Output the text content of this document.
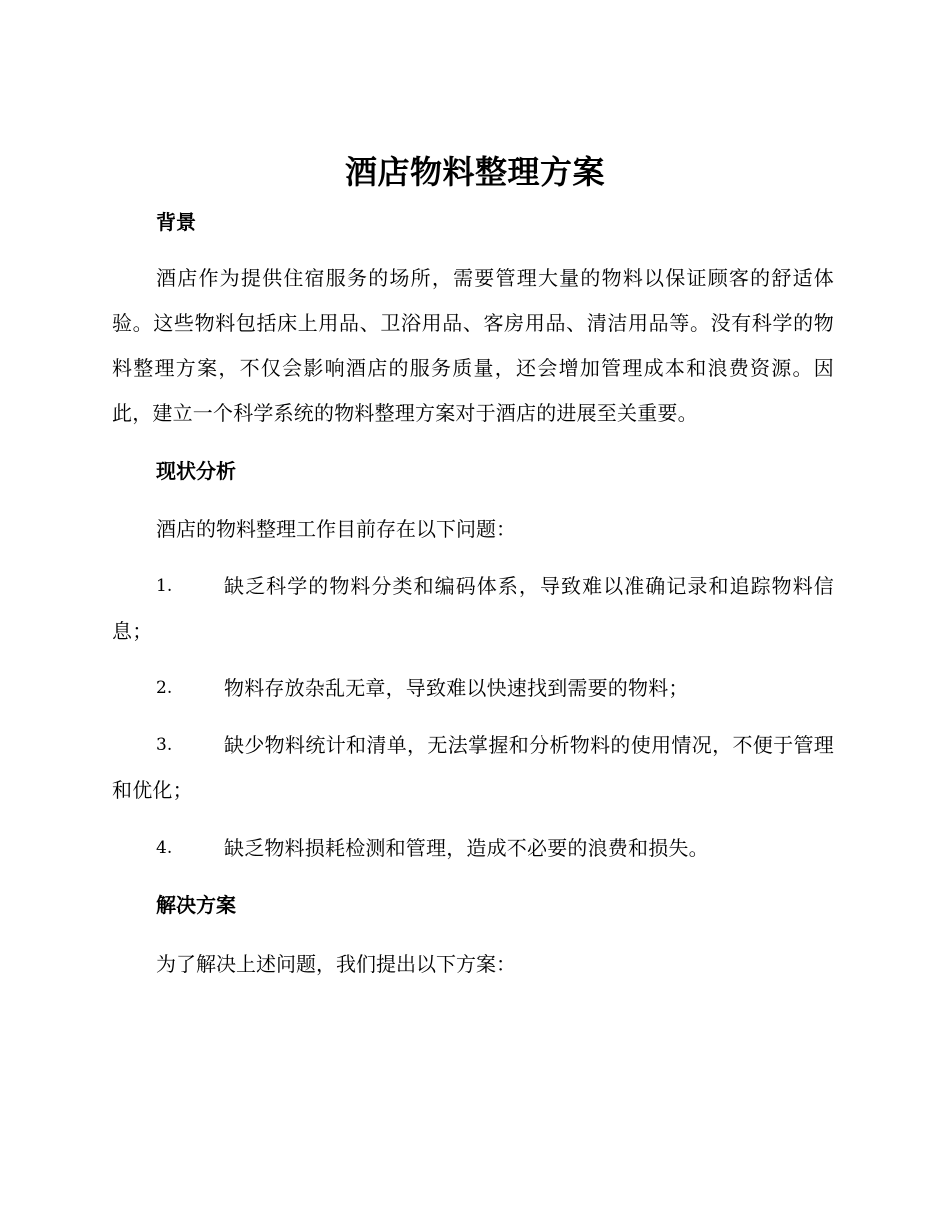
酒店物料整理方案
背景
酒店作为提供住宿服务的场所，需要管理大量的物料以保证顾客的舒适体验。这些物料包括床上用品、卫浴用品、客房用品、清洁用品等。没有科学的物料整理方案，不仅会影响酒店的服务质量，还会增加管理成本和浪费资源。因此，建立一个科学系统的物料整理方案对于酒店的进展至关重要。
现状分析
酒店的物料整理工作目前存在以下问题：
1.	缺乏科学的物料分类和编码体系，导致难以准确记录和追踪物料信息；
2.	物料存放杂乱无章，导致难以快速找到需要的物料；
3.	缺少物料统计和清单，无法掌握和分析物料的使用情况，不便于管理和优化；
4.	缺乏物料损耗检测和管理，造成不必要的浪费和损失。
解决方案
为了解决上述问题，我们提出以下方案：
